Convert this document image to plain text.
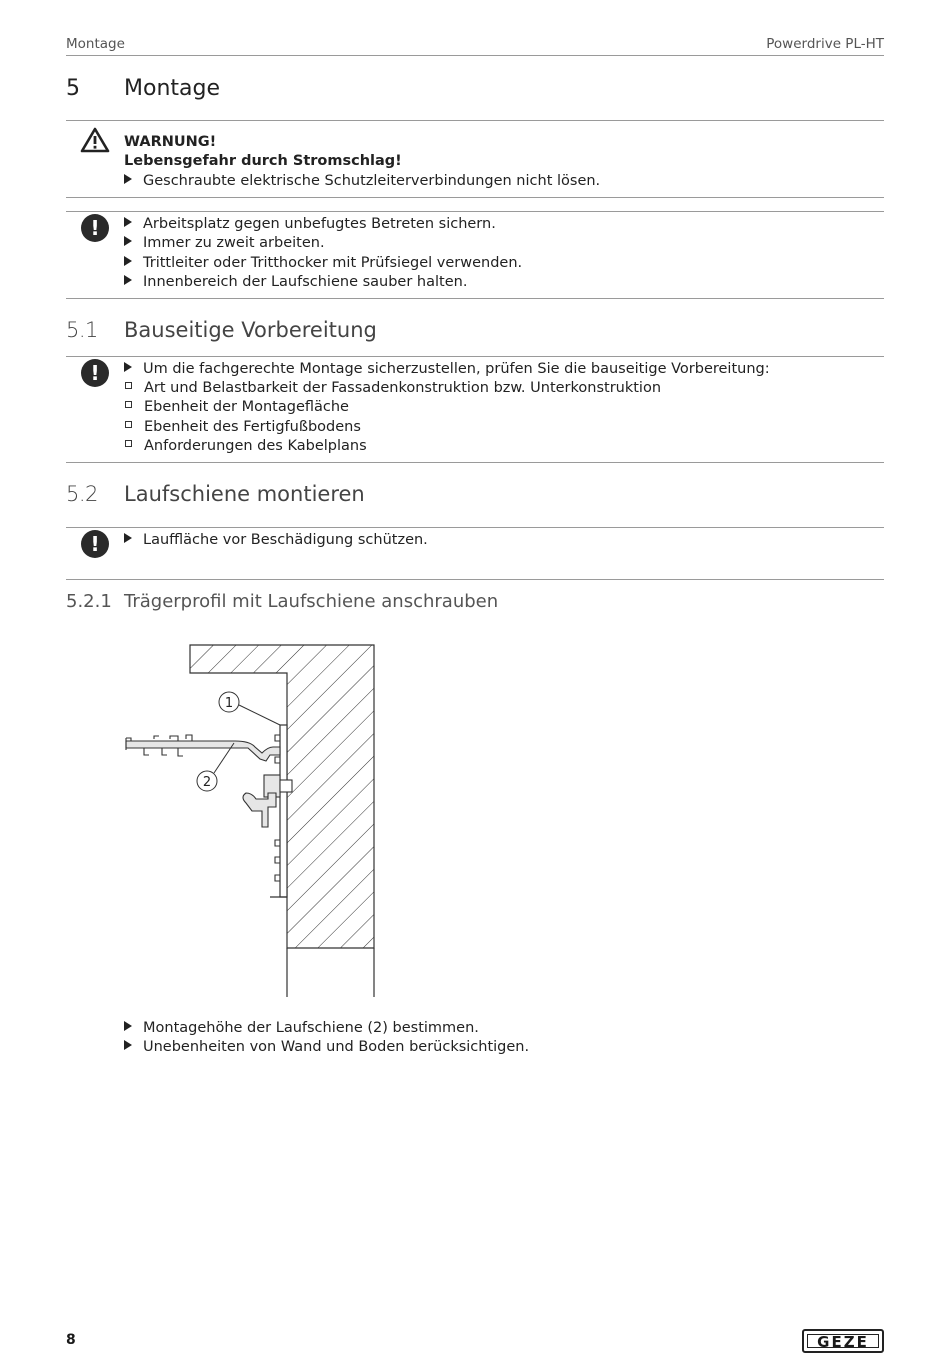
Montage	Powerdrive PL-HT
5 Montage
WARNUNG!
Lebensgefahr durch Stromschlag!
Geschraubte elektrische Schutzleiterverbindungen nicht lösen.
!	Arbeitsplatz gegen unbefugtes Betreten sichern.
Immer zu zweit arbeiten.
Trittleiter oder Tritthocker mit Prüfsiegel verwenden.
Innenbereich der Laufschiene sauber halten.
5.1 Bauseitige Vorbereitung
!	Um die fachgerechte Montage sicherzustellen, prüfen Sie die bauseitige Vorbereitung:
Art und Belastbarkeit der Fassadenkonstruktion bzw. Unterkonstruktion
Ebenheit der Montagefläche
Ebenheit des Fertigfußbodens
Anforderungen des Kabelplans
5.2 Laufschiene montieren
!	Lauffläche vor Beschädigung schützen.
5.2.1 Trägerprofil mit Laufschiene anschrauben
1
2
Montagehöhe der Laufschiene (2) bestimmen.
Unebenheiten von Wand und Boden berücksichtigen.
8	GEZE
